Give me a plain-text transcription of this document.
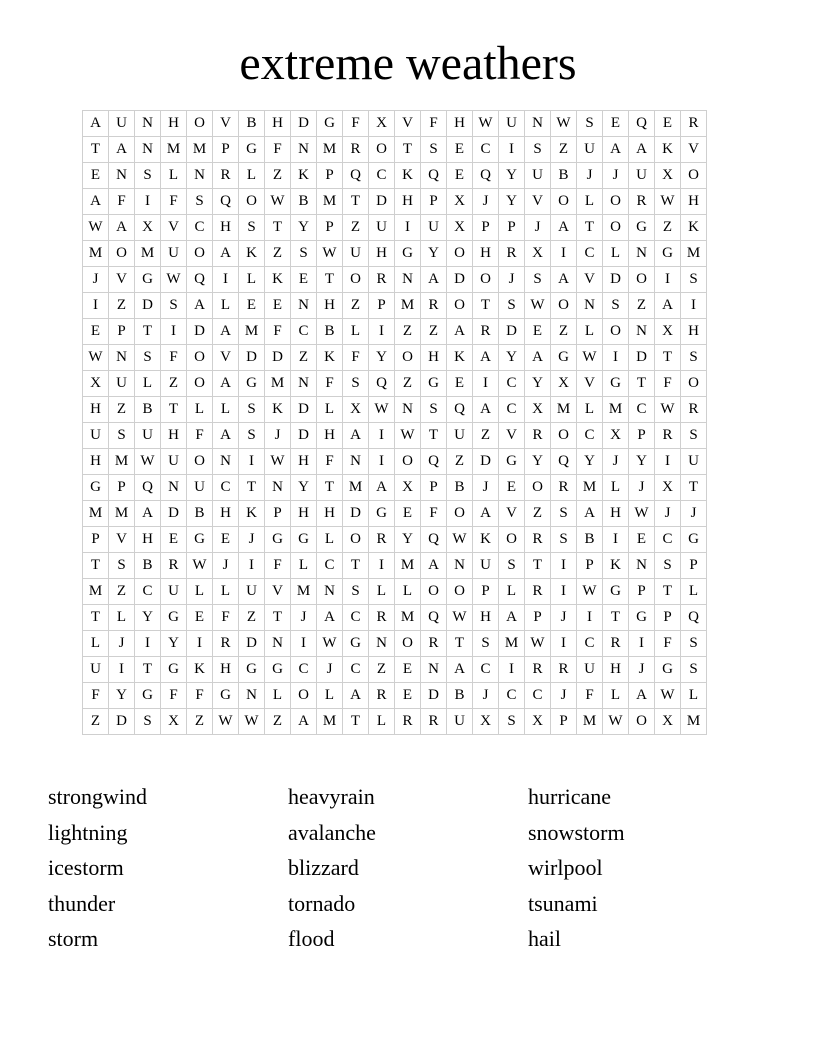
extreme weathers
A	U	N	H	O	V	B	H	D	G	F	X	V	F	H	W	U	N	W	S	E	Q	E	R
T	A	N	M	M	P	G	F	N	M	R	O	T	S	E	C	I	S	Z	U	A	A	K	V
E	N	S	L	N	R	L	Z	K	P	Q	C	K	Q	E	Q	Y	U	B	J	J	U	X	O
A	F	I	F	S	Q	O	W	B	M	T	D	H	P	X	J	Y	V	O	L	O	R	W	H
W	A	X	V	C	H	S	T	Y	P	Z	U	I	U	X	P	P	J	A	T	O	G	Z	K
M	O	M	U	O	A	K	Z	S	W	U	H	G	Y	O	H	R	X	I	C	L	N	G	M
J	V	G	W	Q	I	L	K	E	T	O	R	N	A	D	O	J	S	A	V	D	O	I	S
I	Z	D	S	A	L	E	E	N	H	Z	P	M	R	O	T	S	W	O	N	S	Z	A	I
E	P	T	I	D	A	M	F	C	B	L	I	Z	Z	A	R	D	E	Z	L	O	N	X	H
W	N	S	F	O	V	D	D	Z	K	F	Y	O	H	K	A	Y	A	G	W	I	D	T	S
X	U	L	Z	O	A	G	M	N	F	S	Q	Z	G	E	I	C	Y	X	V	G	T	F	O
H	Z	B	T	L	L	S	K	D	L	X	W	N	S	Q	A	C	X	M	L	M	C	W	R
U	S	U	H	F	A	S	J	D	H	A	I	W	T	U	Z	V	R	O	C	X	P	R	S
H	M	W	U	O	N	I	W	H	F	N	I	O	Q	Z	D	G	Y	Q	Y	J	Y	I	U
G	P	Q	N	U	C	T	N	Y	T	M	A	X	P	B	J	E	O	R	M	L	J	X	T
M	M	A	D	B	H	K	P	H	H	D	G	E	F	O	A	V	Z	S	A	H	W	J	J
P	V	H	E	G	E	J	G	G	L	O	R	Y	Q	W	K	O	R	S	B	I	E	C	G
T	S	B	R	W	J	I	F	L	C	T	I	M	A	N	U	S	T	I	P	K	N	S	P
M	Z	C	U	L	L	U	V	M	N	S	L	L	O	O	P	L	R	I	W	G	P	T	L
T	L	Y	G	E	F	Z	T	J	A	C	R	M	Q	W	H	A	P	J	I	T	G	P	Q
L	J	I	Y	I	R	D	N	I	W	G	N	O	R	T	S	M	W	I	C	R	I	F	S
U	I	T	G	K	H	G	G	C	J	C	Z	E	N	A	C	I	R	R	U	H	J	G	S
F	Y	G	F	F	G	N	L	O	L	A	R	E	D	B	J	C	C	J	F	L	A	W	L
Z	D	S	X	Z	W	W	Z	A	M	T	L	R	R	U	X	S	X	P	M	W	O	X	M
strongwind	heavyrain	hurricane
lightning	avalanche	snowstorm
icestorm	blizzard	wirlpool
thunder	tornado	tsunami
storm	flood	hail
